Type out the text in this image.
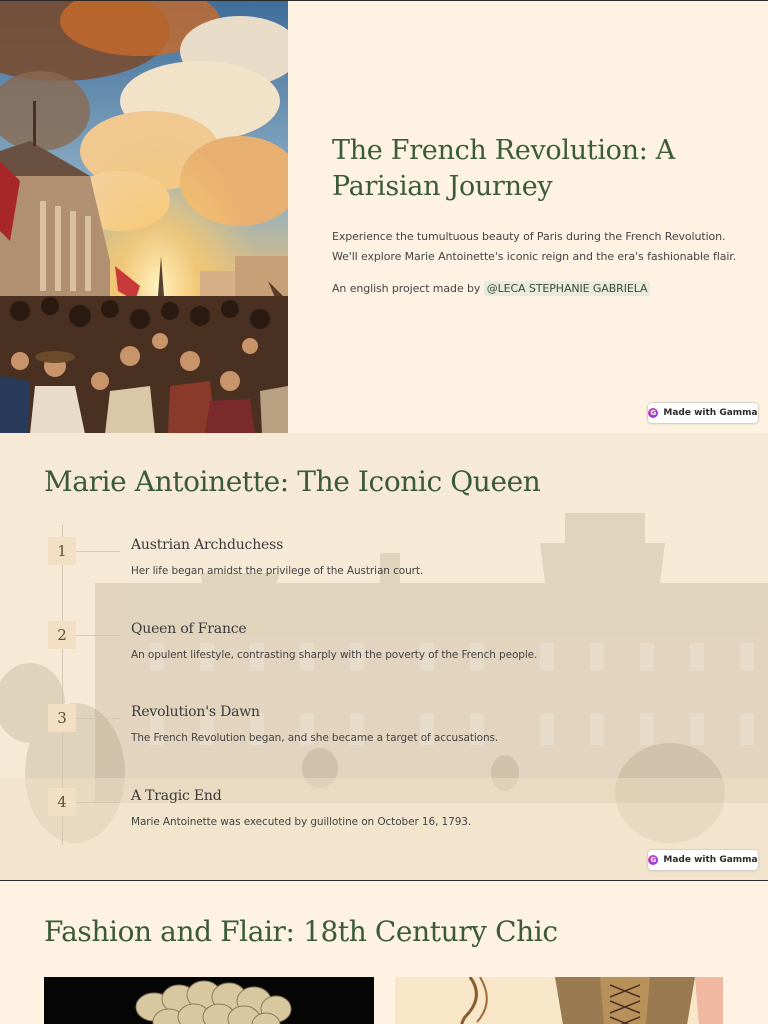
The French Revolution: A Parisian Journey

Experience the tumultuous beauty of Paris during the French Revolution. We'll explore Marie Antoinette's iconic reign and the era's fashionable flair.

An english project made by @LECA STEPHANIE GABRIELA

G Made with Gamma
Marie Antoinette: The Iconic Queen
1	Austrian Archduchess
Her life began amidst the privilege of the Austrian court.
2	Queen of France
An opulent lifestyle, contrasting sharply with the poverty of the French people.
3	Revolution's Dawn
The French Revolution began, and she became a target of accusations.
4	A Tragic End
Marie Antoinette was executed by guillotine on October 16, 1793.
G Made with Gamma
Fashion and Flair: 18th Century Chic
